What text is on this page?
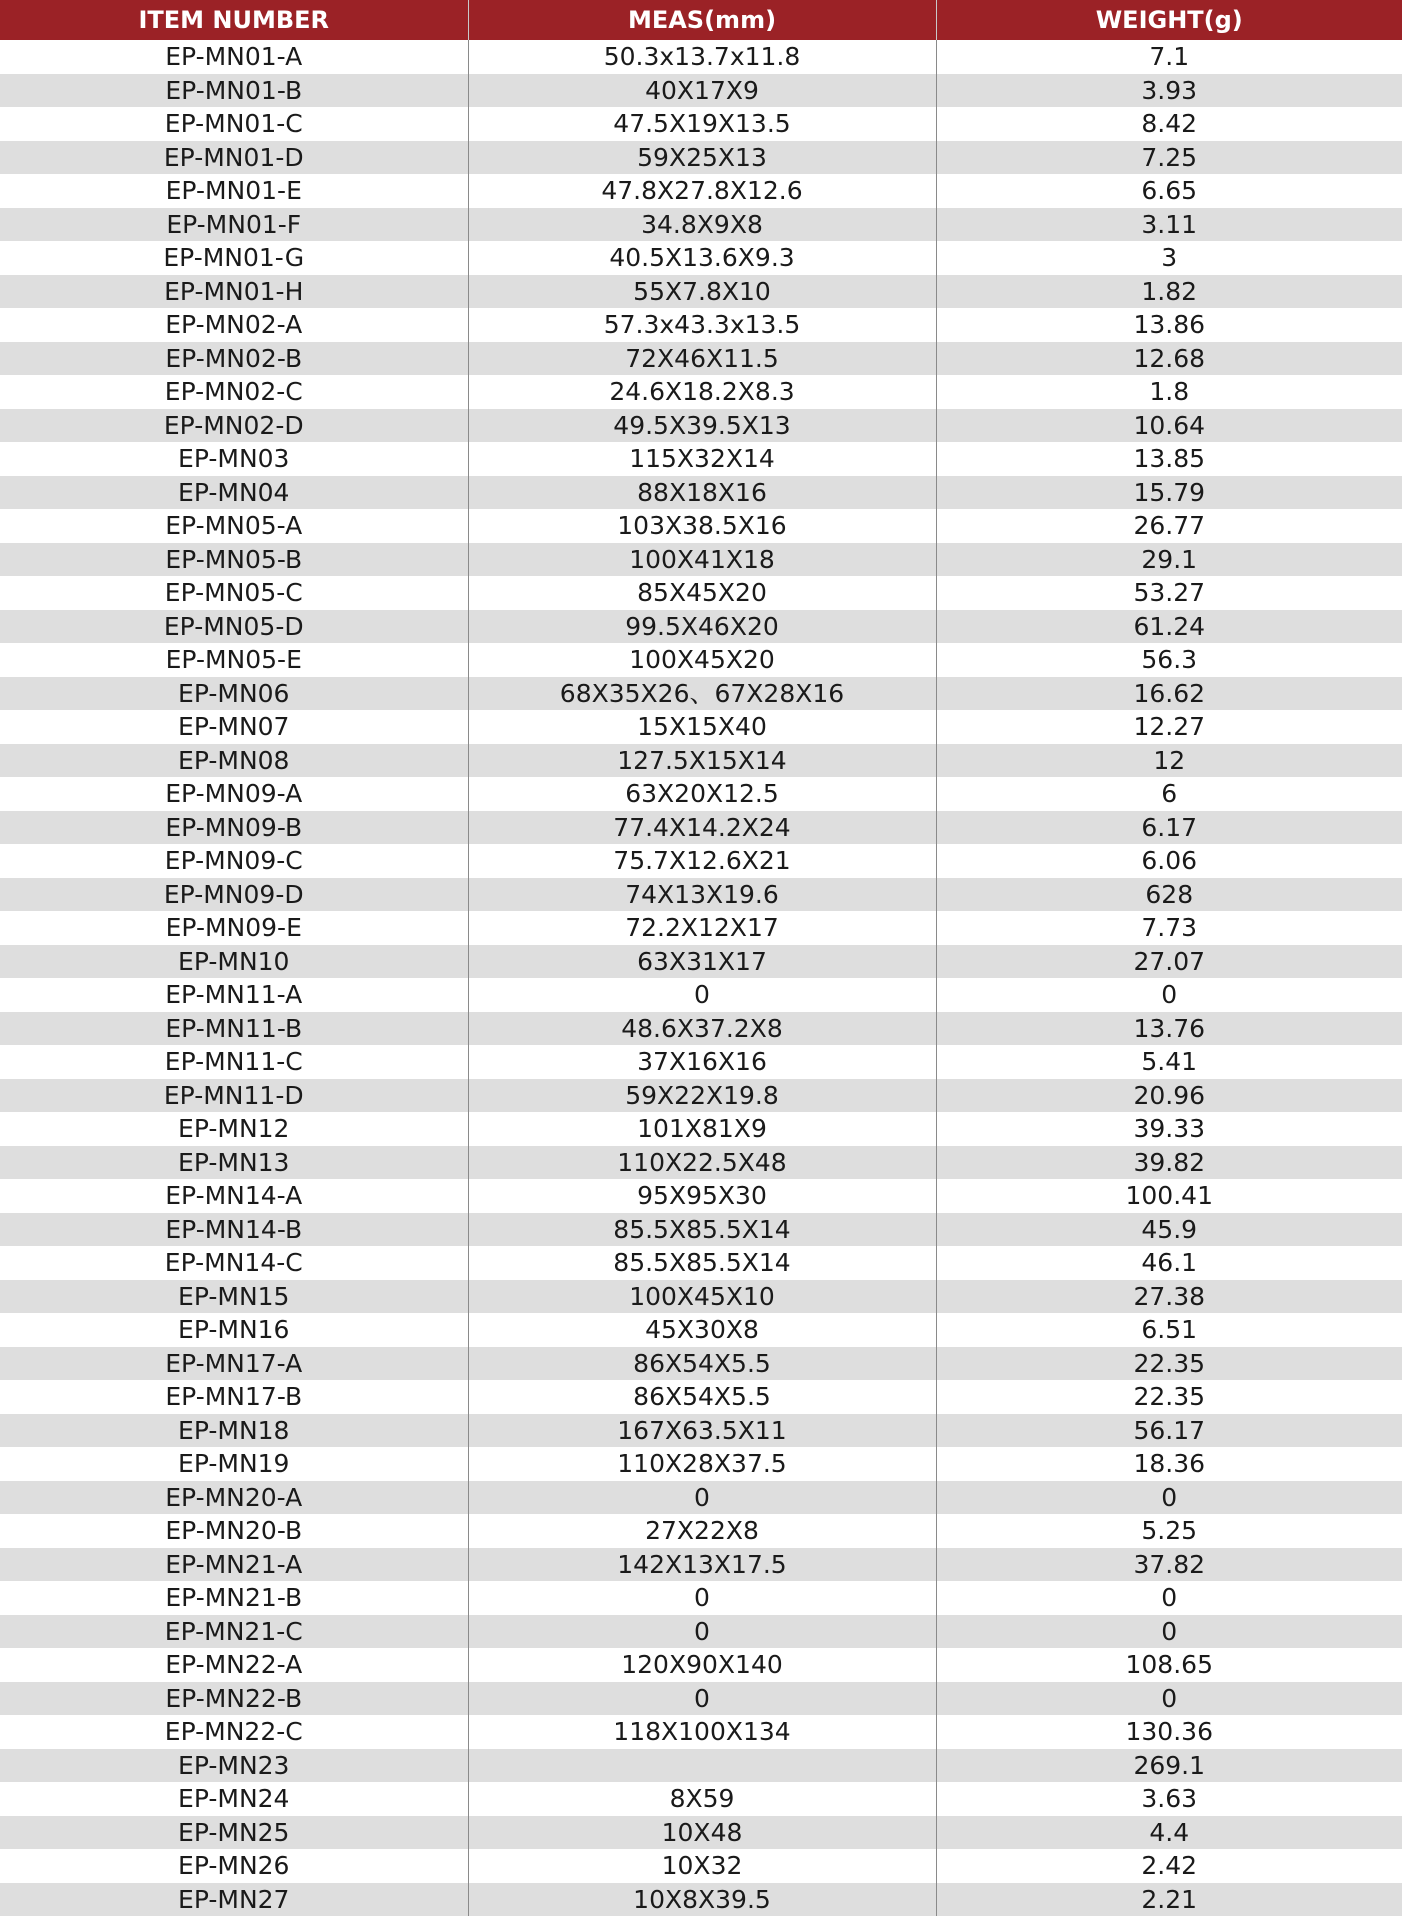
ITEM NUMBER	MEAS(mm)	WEIGHT(g)
EP-MN01-A	50.3x13.7x11.8	7.1
EP-MN01-B	40X17X9	3.93
EP-MN01-C	47.5X19X13.5	8.42
EP-MN01-D	59X25X13	7.25
EP-MN01-E	47.8X27.8X12.6	6.65
EP-MN01-F	34.8X9X8	3.11
EP-MN01-G	40.5X13.6X9.3	3
EP-MN01-H	55X7.8X10	1.82
EP-MN02-A	57.3x43.3x13.5	13.86
EP-MN02-B	72X46X11.5	12.68
EP-MN02-C	24.6X18.2X8.3	1.8
EP-MN02-D	49.5X39.5X13	10.64
EP-MN03	115X32X14	13.85
EP-MN04	88X18X16	15.79
EP-MN05-A	103X38.5X16	26.77
EP-MN05-B	100X41X18	29.1
EP-MN05-C	85X45X20	53.27
EP-MN05-D	99.5X46X20	61.24
EP-MN05-E	100X45X20	56.3
EP-MN06	68X35X26、67X28X16	16.62
EP-MN07	15X15X40	12.27
EP-MN08	127.5X15X14	12
EP-MN09-A	63X20X12.5	6
EP-MN09-B	77.4X14.2X24	6.17
EP-MN09-C	75.7X12.6X21	6.06
EP-MN09-D	74X13X19.6	628
EP-MN09-E	72.2X12X17	7.73
EP-MN10	63X31X17	27.07
EP-MN11-A	0	0
EP-MN11-B	48.6X37.2X8	13.76
EP-MN11-C	37X16X16	5.41
EP-MN11-D	59X22X19.8	20.96
EP-MN12	101X81X9	39.33
EP-MN13	110X22.5X48	39.82
EP-MN14-A	95X95X30	100.41
EP-MN14-B	85.5X85.5X14	45.9
EP-MN14-C	85.5X85.5X14	46.1
EP-MN15	100X45X10	27.38
EP-MN16	45X30X8	6.51
EP-MN17-A	86X54X5.5	22.35
EP-MN17-B	86X54X5.5	22.35
EP-MN18	167X63.5X11	56.17
EP-MN19	110X28X37.5	18.36
EP-MN20-A	0	0
EP-MN20-B	27X22X8	5.25
EP-MN21-A	142X13X17.5	37.82
EP-MN21-B	0	0
EP-MN21-C	0	0
EP-MN22-A	120X90X140	108.65
EP-MN22-B	0	0
EP-MN22-C	118X100X134	130.36
EP-MN23		269.1
EP-MN24	8X59	3.63
EP-MN25	10X48	4.4
EP-MN26	10X32	2.42
EP-MN27	10X8X39.5	2.21
